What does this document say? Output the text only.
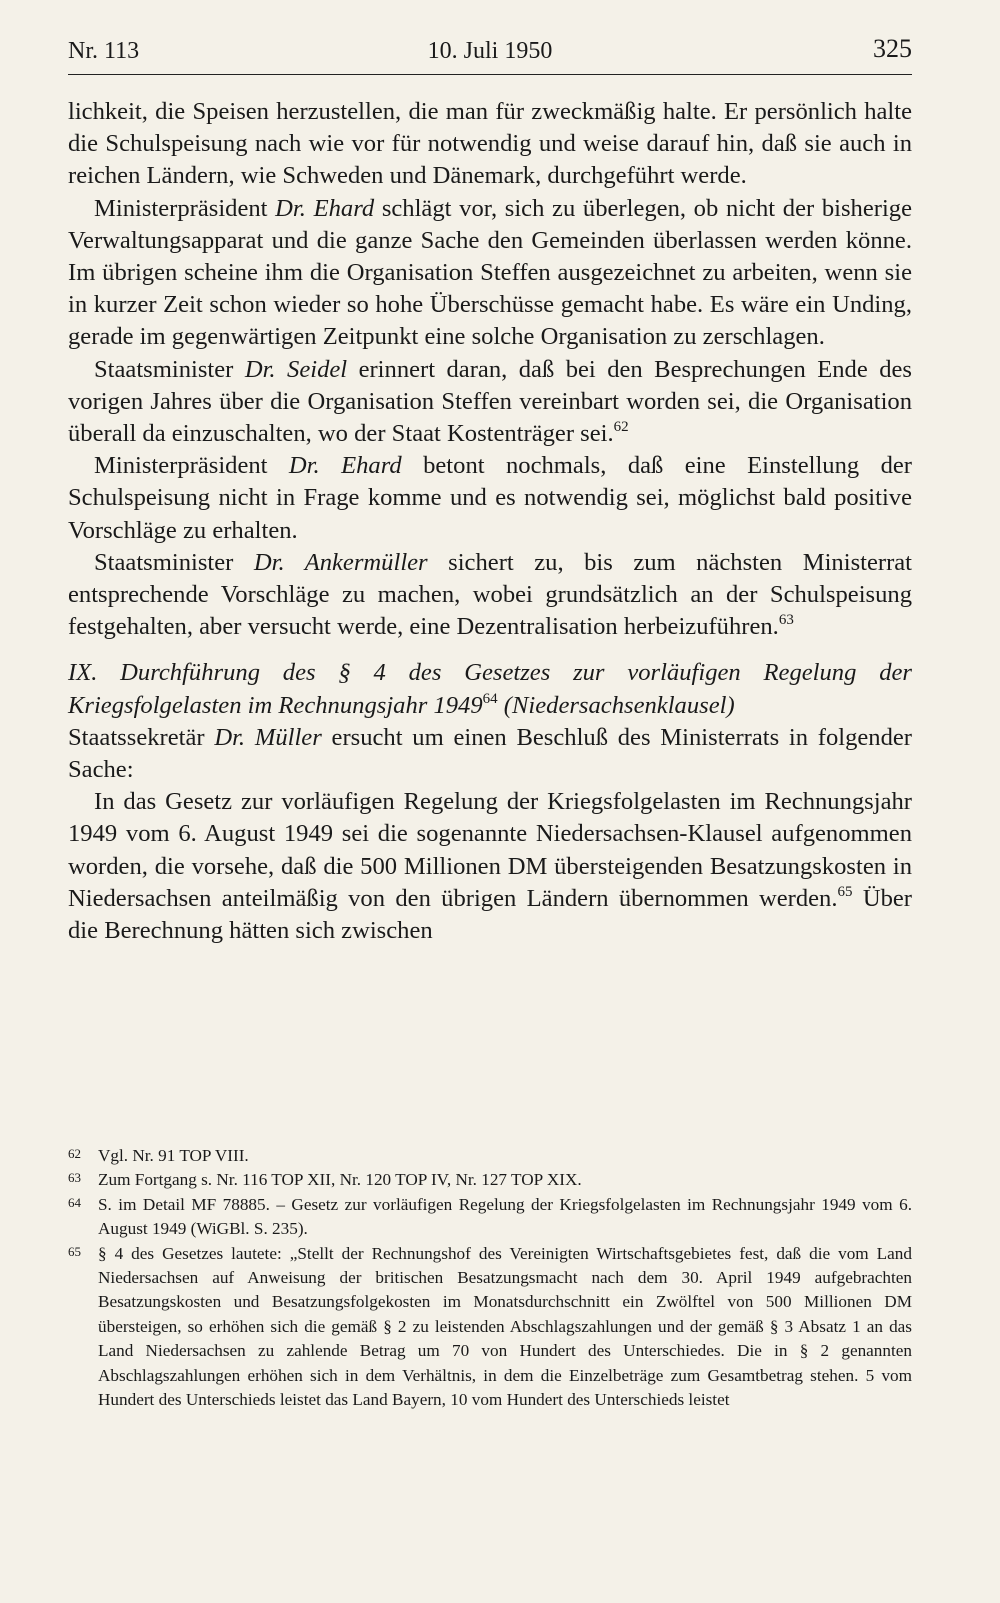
Nr. 113	10. Juli 1950	325

lichkeit, die Speisen herzustellen, die man für zweckmäßig halte. Er persönlich halte die Schulspeisung nach wie vor für notwendig und weise darauf hin, daß sie auch in reichen Ländern, wie Schweden und Dänemark, durchgeführt werde.

Ministerpräsident Dr. Ehard schlägt vor, sich zu überlegen, ob nicht der bisherige Verwaltungsapparat und die ganze Sache den Gemeinden überlassen werden könne. Im übrigen scheine ihm die Organisation Steffen ausgezeichnet zu arbeiten, wenn sie in kurzer Zeit schon wieder so hohe Überschüsse gemacht habe. Es wäre ein Unding, gerade im gegenwärtigen Zeitpunkt eine solche Organisation zu zerschlagen.

Staatsminister Dr. Seidel erinnert daran, daß bei den Besprechungen Ende des vorigen Jahres über die Organisation Steffen vereinbart worden sei, die Organisation überall da einzuschalten, wo der Staat Kostenträger sei.$^{62}$

Ministerpräsident Dr. Ehard betont nochmals, daß eine Einstellung der Schulspeisung nicht in Frage komme und es notwendig sei, möglichst bald positive Vorschläge zu erhalten.

Staatsminister Dr. Ankermüller sichert zu, bis zum nächsten Ministerrat entsprechende Vorschläge zu machen, wobei grundsätzlich an der Schulspeisung festgehalten, aber versucht werde, eine Dezentralisation herbeizuführen.$^{63}$

IX. Durchführung des § 4 des Gesetzes zur vorläufigen Regelung der Kriegsfolgelasten im Rechnungsjahr 1949$^{64}$ (Niedersachsenklausel)

Staatssekretär Dr. Müller ersucht um einen Beschluß des Ministerrats in folgender Sache:

In das Gesetz zur vorläufigen Regelung der Kriegsfolgelasten im Rechnungsjahr 1949 vom 6. August 1949 sei die sogenannte Niedersachsen-Klausel aufgenommen worden, die vorsehe, daß die 500 Millionen DM übersteigenden Besatzungskosten in Niedersachsen anteilmäßig von den übrigen Ländern übernommen werden.$^{65}$ Über die Berechnung hätten sich zwischen

62 Vgl. Nr. 91 TOP VIII.
63 Zum Fortgang s. Nr. 116 TOP XII, Nr. 120 TOP IV, Nr. 127 TOP XIX.
64 S. im Detail MF 78885. – Gesetz zur vorläufigen Regelung der Kriegsfolgelasten im Rechnungsjahr 1949 vom 6. August 1949 (WiGBl. S. 235).
65 § 4 des Gesetzes lautete: „Stellt der Rechnungshof des Vereinigten Wirtschaftsgebietes fest, daß die vom Land Niedersachsen auf Anweisung der britischen Besatzungsmacht nach dem 30. April 1949 aufgebrachten Besatzungskosten und Besatzungsfolgekosten im Monatsdurchschnitt ein Zwölftel von 500 Millionen DM übersteigen, so erhöhen sich die gemäß § 2 zu leistenden Abschlagszahlungen und der gemäß § 3 Absatz 1 an das Land Niedersachsen zu zahlende Betrag um 70 von Hundert des Unterschiedes. Die in § 2 genannten Abschlagszahlungen erhöhen sich in dem Verhältnis, in dem die Einzelbeträge zum Gesamtbetrag stehen. 5 vom Hundert des Unterschieds leistet das Land Bayern, 10 vom Hundert des Unterschieds leistet
